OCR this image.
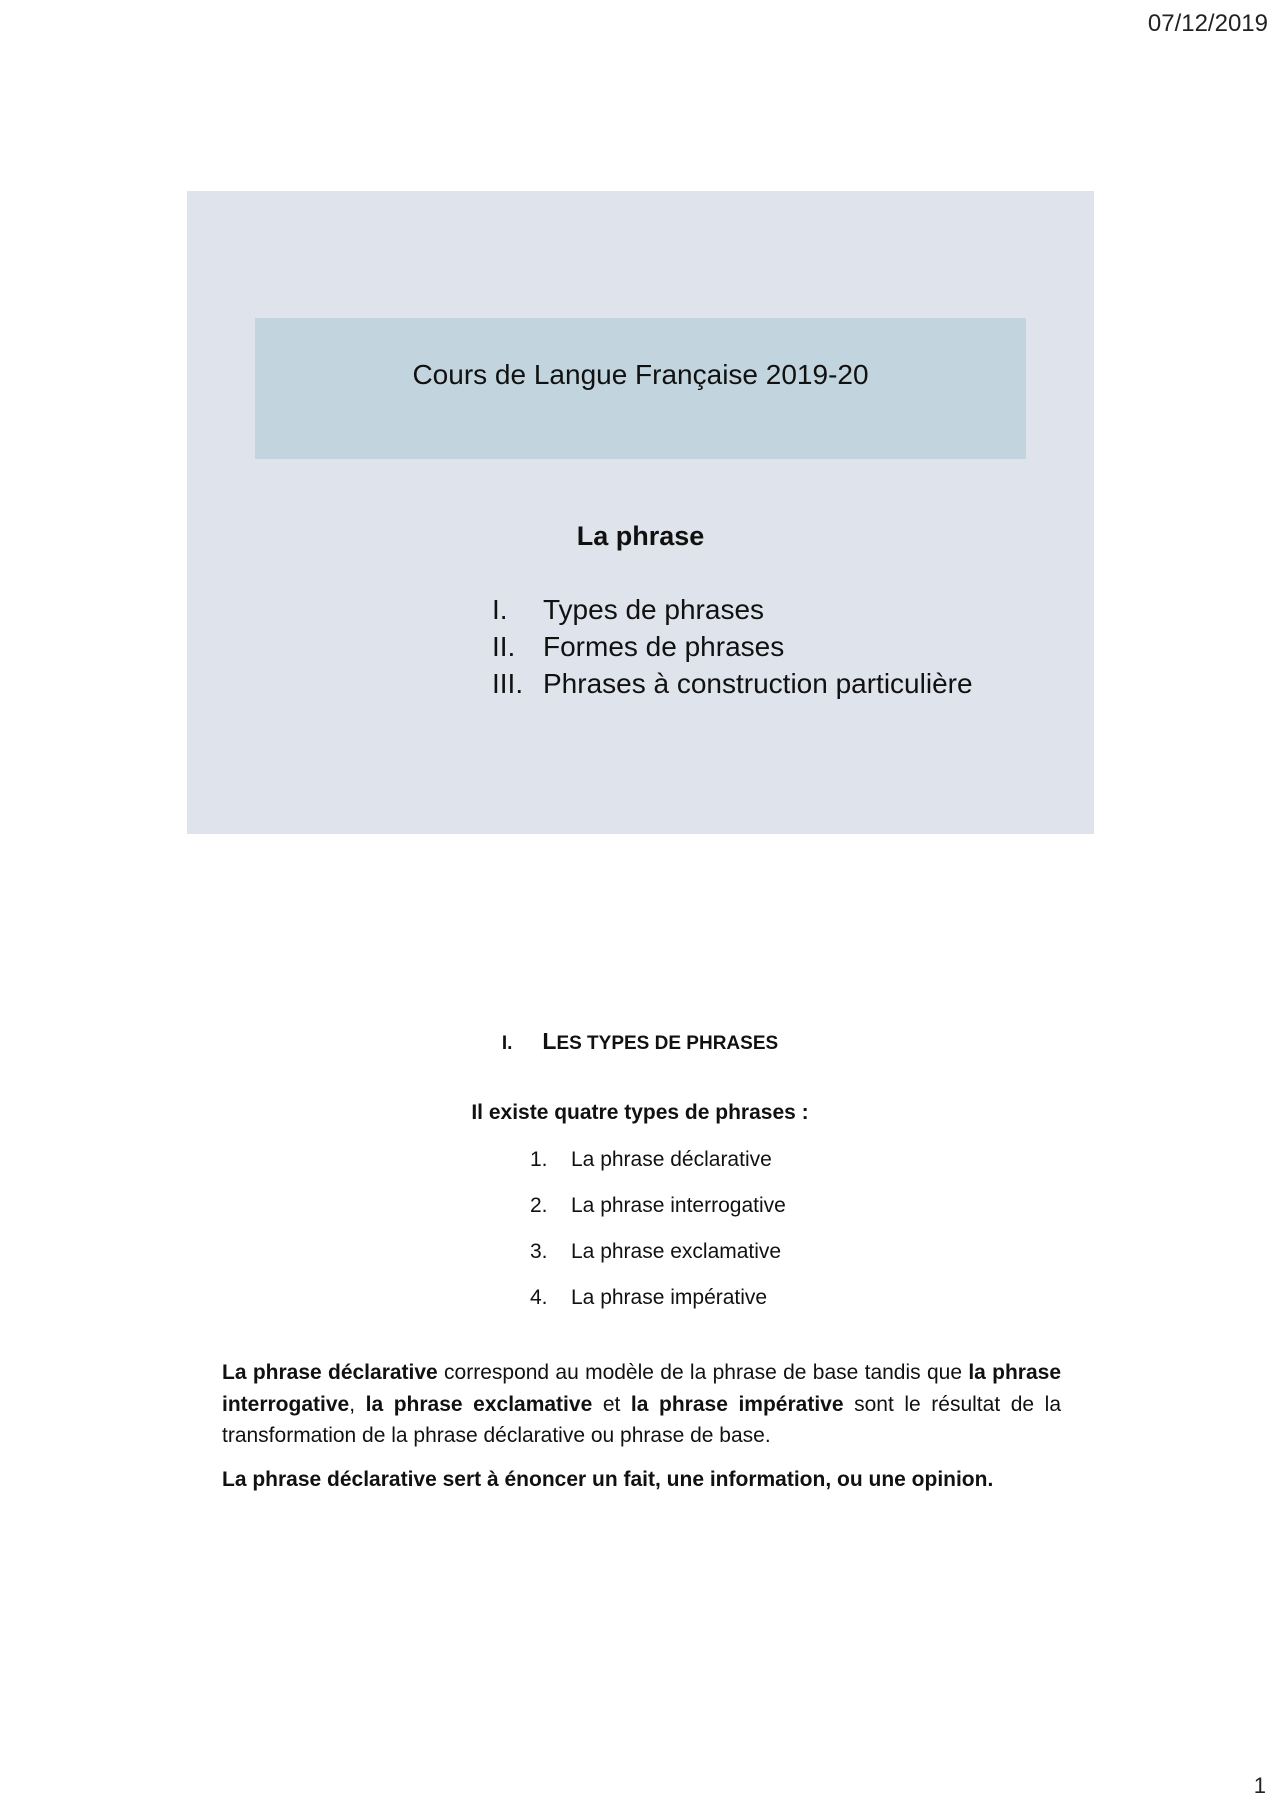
07/12/2019
Cours de Langue Française 2019-20
La phrase
I.	Types de phrases
II. Formes de phrases
III. Phrases à construction particulière
I. LES TYPES DE PHRASES
Il existe quatre types de phrases :
1.	La phrase déclarative
2.	La phrase interrogative
3.	La phrase exclamative
4.	La phrase impérative

La phrase déclarative correspond au modèle de la phrase de base tandis que la phrase interrogative, la phrase exclamative et la phrase impérative sont le résultat de la transformation de la phrase déclarative ou phrase de base.

La phrase déclarative sert à énoncer un fait, une information, ou une opinion.

1
